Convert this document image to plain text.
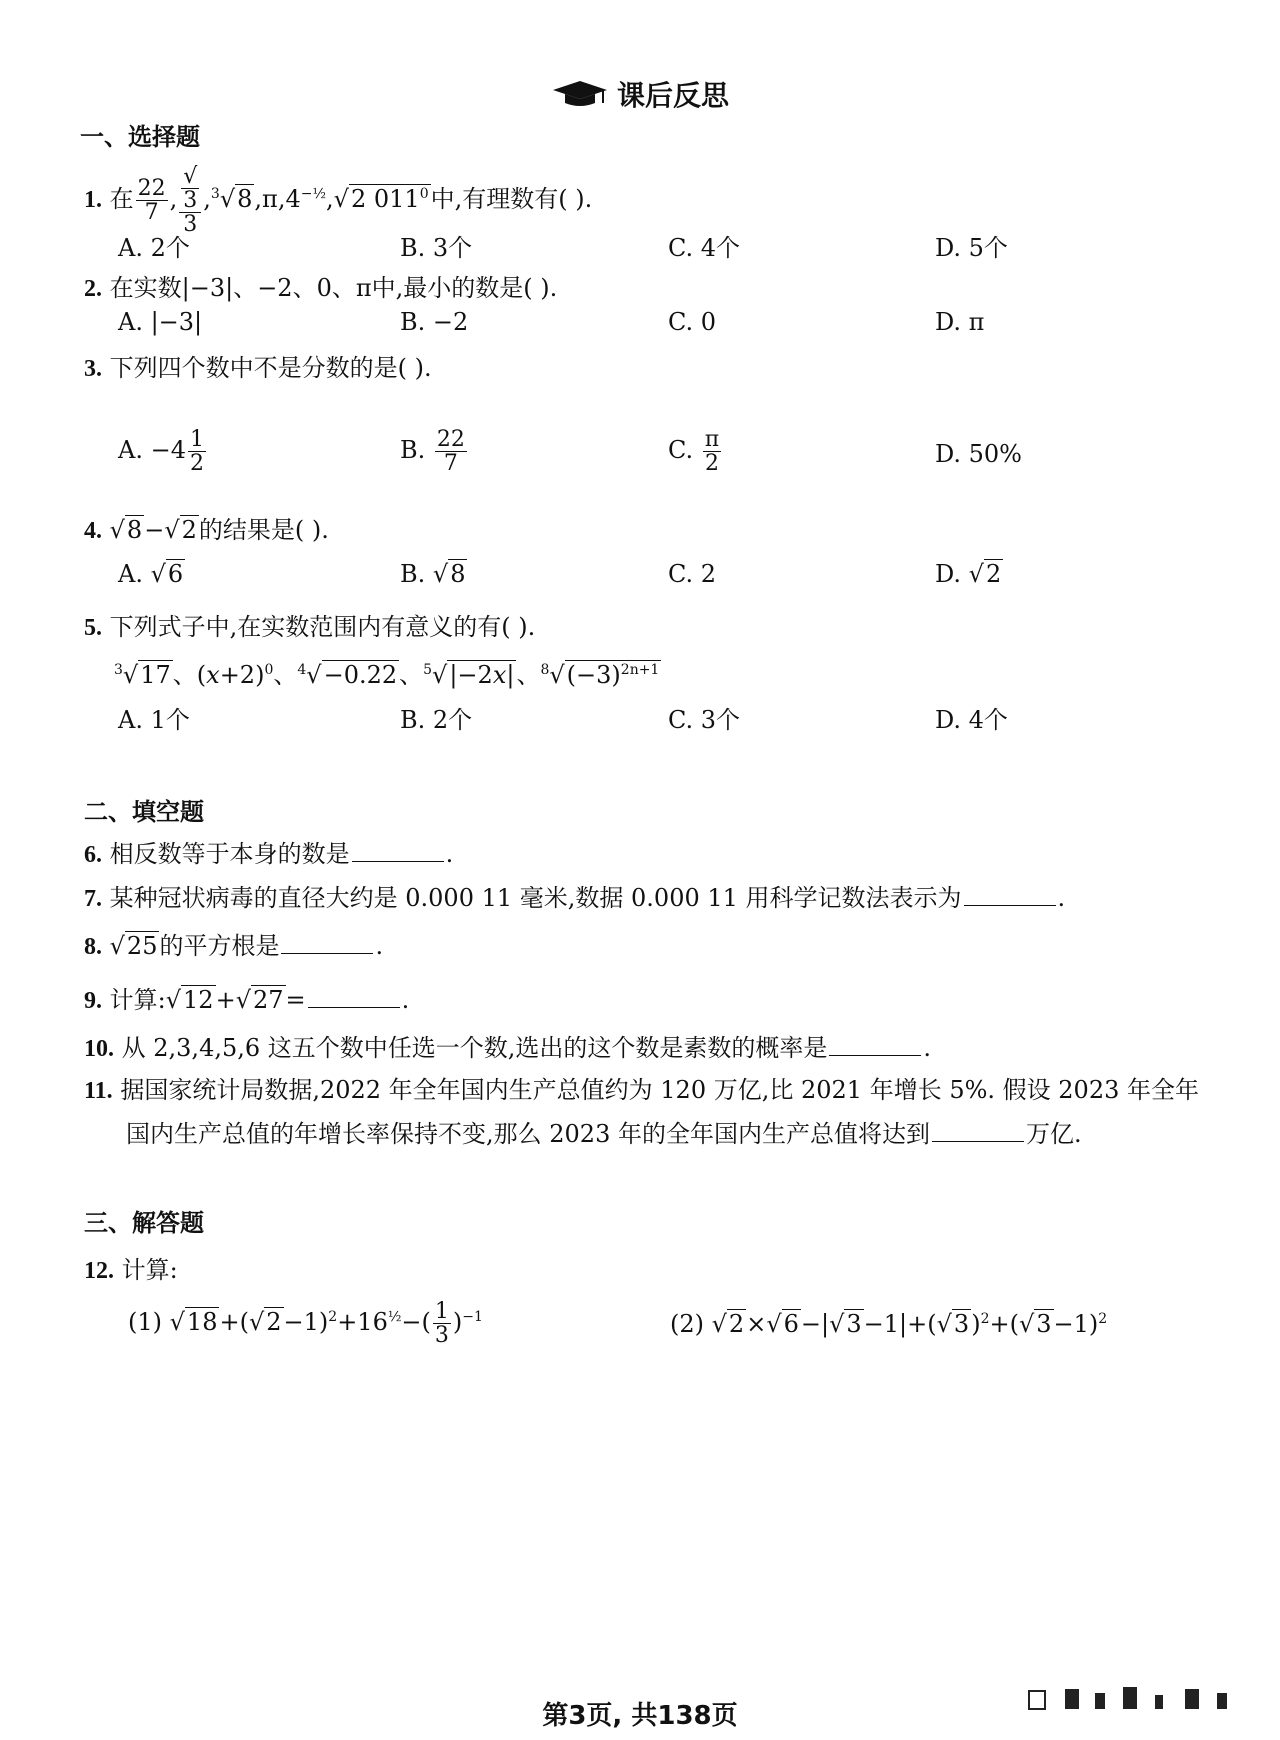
课后反思
一、选择题
1. 在 $\frac{22}{7}$ , √
3
3 $,^3√8,\pi,4^{-\frac{1}{2}},√2$ $011^0$中,有理数有( ).
A. 2个	B. 3个	C. 4个	D. 5个
2. 在实数|−3|、−2、0、π中,最小的数是( ).
A. |−3|	B. −2	C. 0	D. π
3. 下列四个数中不是分数的是( ).
A. $-4 \frac{1}{2}$	B. $\frac{22}{7}$	C. $\frac{\pi}{2}$	D. 50%
4. √8−√2的结果是( ).
A. √6	B. √8	C. 2	D. √2
5. 下列式子中,在实数范围内有意义的有( ).
$^3$√17、$(x+2)^0$、$^4$√−0.22、$^5$√|−2x|、$^8√(-3)^{2n+1}$
A. 1个	B. 2个	C. 3个	D. 4个
二、填空题
6. 相反数等于本身的数是	.
7. 某种冠状病毒的直径大约是 0.000 11 毫米,数据 0.000 11 用科学记数法表示为	.
8. √25的平方根是	.
9. 计算:√12+√27=	.
10. 从 2,3,4,5,6 这五个数中任选一个数,选出的这个数是素数的概率是	.
11. 据国家统计局数据,2022 年全年国内生产总值约为 120 万亿,比 2021 年增长 5%. 假设 2023 年全年
国内生产总值的年增长率保持不变,那么 2023 年的全年国内生产总值将达到	万亿.
三、解答题
12. 计算:
(1) $√18+(√2-1)^2+16^{\frac{1}{2}}-( \frac{1}{3} )^{-1}$	(2) $√2\times√6-|√3-1|+(√3)^2+(√3-1)^2$
第3页, 共138页
